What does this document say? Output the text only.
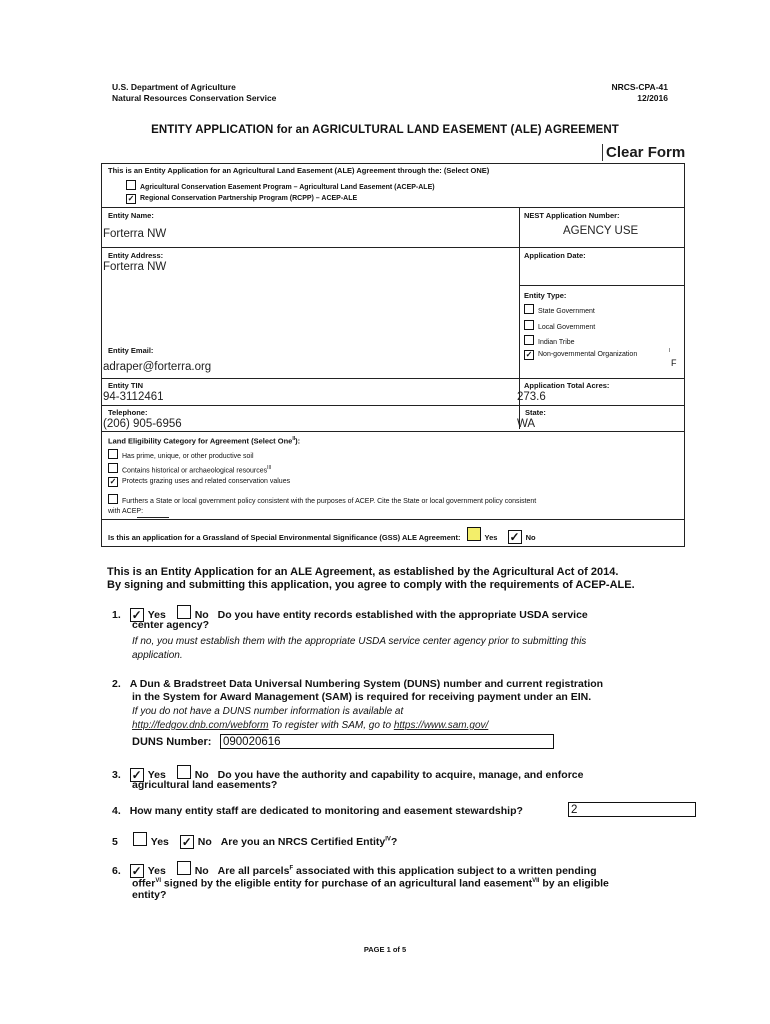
U.S. Department of Agriculture
Natural Resources Conservation Service
NRCS-CPA-41
12/2016
ENTITY APPLICATION for an AGRICULTURAL LAND EASEMENT (ALE) AGREEMENT
Clear Form
This is an Entity Application for an Agricultural Land Easement (ALE) Agreement through the: (Select ONE)
Agricultural Conservation Easement Program – Agricultural Land Easement (ACEP-ALE)
✓ Regional Conservation Partnership Program (RCPP) – ACEP-ALE
Entity Name:
Forterra NW
NEST Application Number:
AGENCY USE
Entity Address:
Forterra NW
Application Date:
Entity Type:
State Government
Local Government
Indian Tribe
✓ Non-governmental Organization	I
F
Entity Email:
adraper@forterra.org
Entity TIN
94-3112461
Application Total Acres:
273.6
Telephone:
(206) 905-6956
State:
WA
Land Eligibility Category for Agreement (Select One$^{II}$):
Has prime, unique, or other productive soil
Contains historical or archaeological resources$^{III}$
✓ Protects grazing uses and related conservation values
Furthers a State or local government policy consistent with the purposes of ACEP. Cite the State or local government policy consistent
with ACEP:
Is this an application for a Grassland of Special Environmental Significance (GSS) ALE Agreement:	Yes ✓ No
This is an Entity Application for an ALE Agreement, as established by the Agricultural Act of 2014.
By signing and submitting this application, you agree to comply with the requirements of ACEP-ALE.
1. ✓ Yes	No Do you have entity records established with the appropriate USDA service
center agency?
If no, you must establish them with the appropriate USDA service center agency prior to submitting this
application.
2. A Dun & Bradstreet Data Universal Numbering System (DUNS) number and current registration
in the System for Award Management (SAM) is required for receiving payment under an EIN.
If you do not have a DUNS number information is available at
http://fedgov.dnb.com/webform To register with SAM, go to https://www.sam.gov/
DUNS Number: 090020616
3. ✓ Yes	No Do you have the authority and capability to acquire, manage, and enforce
agricultural land easements?
4. How many entity staff are dedicated to monitoring and easement stewardship?	2
5	Yes ✓ No Are you an NRCS Certified Entity$^{IV}$?
6. ✓ Yes	No Are all parcels$^F$ associated with this application subject to a written pending
offer$^{VI}$ signed by the eligible entity for purchase of an agricultural land easement$^{VII}$ by an eligible
entity?
PAGE 1 of 5
